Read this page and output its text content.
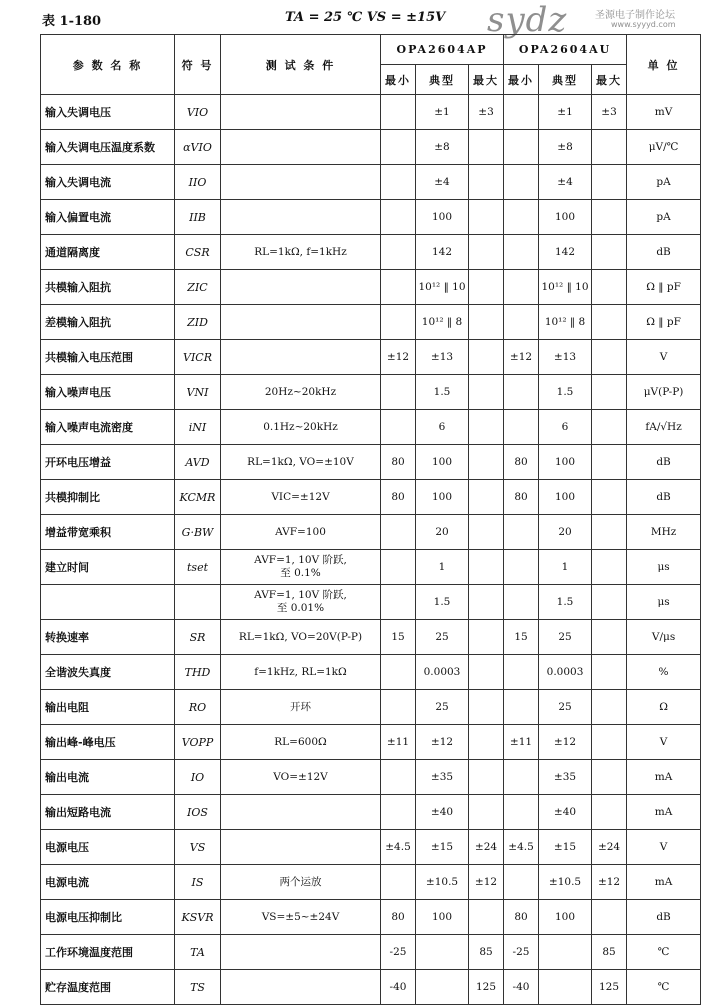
表 1-180	TA = 25 ℃ VS = ±15V sydz	圣源电子制作论坛
www.syyyd.com
参 数 名 称	符 号	测 试 条 件	OPA2604AP			OPA2604AU			单 位
			最小	典型	最大	最小	典型	最大	
输入失调电压	VIO			±1	±3		±1	±3	mV
输入失调电压温度系数	αVIO			±8			±8		μV/℃
输入失调电流	IIO			±4			±4		pA
输入偏置电流	IIB			100			100		pA
通道隔离度	CSR	RL=1kΩ, f=1kHz		142			142		dB
共模输入阻抗	ZIC			10¹² ‖ 10			10¹² ‖ 10		Ω ‖ pF
差模输入阻抗	ZID			10¹² ‖ 8			10¹² ‖ 8		Ω ‖ pF
共模输入电压范围	VICR		±12	±13		±12	±13		V
输入噪声电压	VNI	20Hz~20kHz		1.5			1.5		μV(P-P)
输入噪声电流密度	iNI	0.1Hz~20kHz		6			6		fA/√Hz
开环电压增益	AVD	RL=1kΩ, VO=±10V	80	100		80	100		dB
共模抑制比	KCMR	VIC=±12V	80	100		80	100		dB
增益带宽乘积	G·BW	AVF=100		20			20		MHz
建立时间	tset	AVF=1, 10V 阶跃,
至 0.1%		1			1		μs

		AVF=1, 10V 阶跃,
至 0.01%		1.5			1.5		μs
转换速率	SR	RL=1kΩ, VO=20V(P-P)	15	25		15	25		V/μs
全谐波失真度	THD	f=1kHz, RL=1kΩ		0.0003			0.0003		%
输出电阻	RO	开环		25			25		Ω
输出峰-峰电压	VOPP	RL=600Ω	±11	±12		±11	±12		V
输出电流	IO	VO=±12V		±35			±35		mA
输出短路电流	IOS			±40			±40		mA
电源电压	VS		±4.5	±15	±24	±4.5	±15	±24	V
电源电流	IS	两个运放		±10.5	±12		±10.5	±12	mA
电源电压抑制比	KSVR	VS=±5~±24V	80	100		80	100		dB
工作环境温度范围	TA		-25		85	-25		85	℃
贮存温度范围	TS		-40		125	-40		125	℃
